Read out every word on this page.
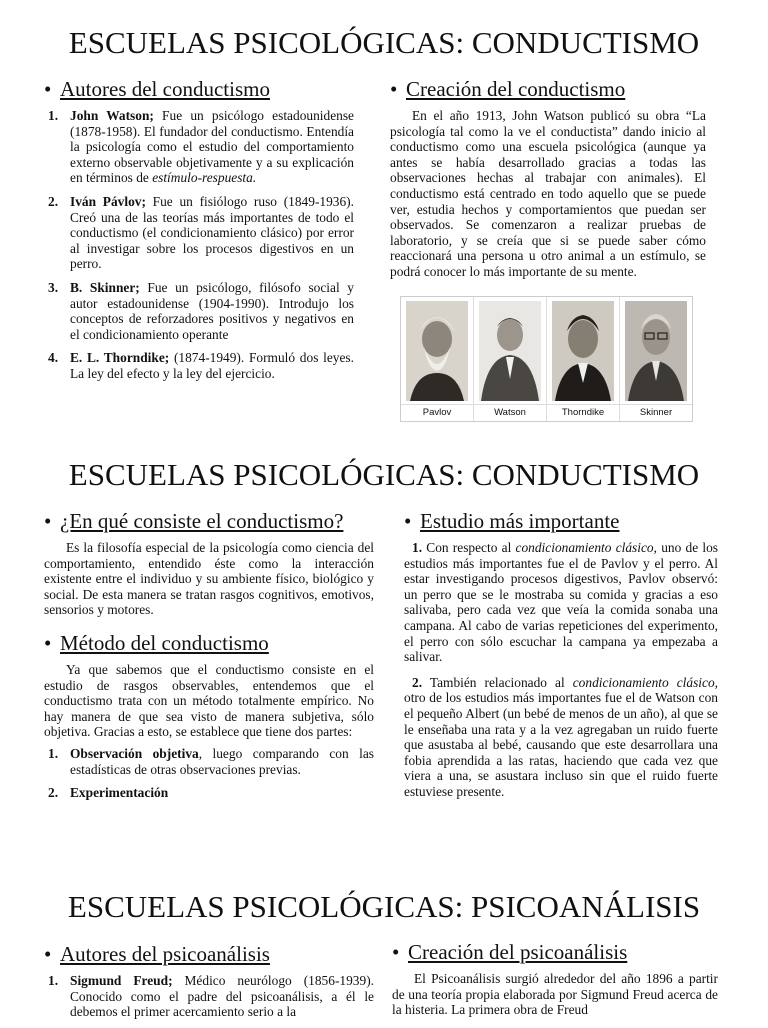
ESCUELAS PSICOLÓGICAS: CONDUCTISMO
• Autores del conductismo
1. John Watson; Fue un psicólogo estadounidense (1878-1958). El fundador del conductismo. Entendía la psicología como el estudio del comportamiento externo observable objetivamente y a su explicación en términos de estímulo-respuesta.
2. Iván Pávlov; Fue un fisiólogo ruso (1849-1936). Creó una de las teorías más importantes de todo el conductismo (el condicionamiento clásico) por error al investigar sobre los procesos digestivos en un perro.
3. B. Skinner; Fue un psicólogo, filósofo social y autor estadounidense (1904-1990). Introdujo los conceptos de reforzadores positivos y negativos en el condicionamiento operante
4. E. L. Thorndike; (1874-1949). Formuló dos leyes. La ley del efecto y la ley del ejercicio.
• Creación del conductismo

En el año 1913, John Watson publicó su obra “La psicología tal como la ve el conductista” dando inicio al conductismo como una escuela psicológica (aunque ya antes se había desarrollado gracias a todas las observaciones hechas al trabajar con animales). El conductismo está centrado en todo aquello que se puede ver, estudia hechos y comportamientos que puedan ser observados. Se comenzaron a realizar pruebas de laboratorio, y se creía que si se puede saber cómo reaccionará una persona u otro animal a un estímulo, se podrá conocer lo más importante de su mente.

Pavlov	Watson	Thorndike	Skinner
ESCUELAS PSICOLÓGICAS: CONDUCTISMO
• ¿En qué consiste el conductismo?

Es la filosofía especial de la psicología como ciencia del comportamiento, entendido éste como la interacción existente entre el individuo y su ambiente físico, biológico y social. De esta manera se tratan rasgos cognitivos, emotivos, sensorios y motores.

• Método del conductismo

Ya que sabemos que el conductismo consiste en el estudio de rasgos observables, entendemos que el conductismo trata con un método totalmente empírico. No hay manera de que sea visto de manera subjetiva, sólo objetiva. Gracias a esto, se establece que tiene dos partes:

1. Observación objetiva, luego comparando con las estadísticas de otras observaciones previas.
2. Experimentación
• Estudio más importante

1. Con respecto al condicionamiento clásico, uno de los estudios más importantes fue el de Pavlov y el perro. Al estar investigando procesos digestivos, Pavlov observó: un perro que se le mostraba su comida y gracias a eso salivaba, pero cada vez que veía la comida sonaba una campana. Al cabo de varias repeticiones del experimento, el perro con sólo escuchar la campana ya empezaba a salivar.

2. También relacionado al condicionamiento clásico, otro de los estudios más importantes fue el de Watson con el pequeño Albert (un bebé de menos de un año), al que se le enseñaba una rata y a la vez agregaban un ruido fuerte que asustaba al bebé, causando que este desarrollara una fobia aprendida a las ratas, haciendo que cada vez que viera a una, se asustara incluso sin que el ruido fuerte estuviese presente.

ESCUELAS PSICOLÓGICAS: PSICOANÁLISIS
• Autores del psicoanálisis
1. Sigmund Freud; Médico neurólogo (1856-1939). Conocido como el padre del psicoanálisis, a él le debemos el primer acercamiento serio a la
• Creación del psicoanálisis

El Psicoanálisis surgió alrededor del año 1896 a partir de una teoría propia elaborada por Sigmund Freud acerca de la histeria. La primera obra de Freud
